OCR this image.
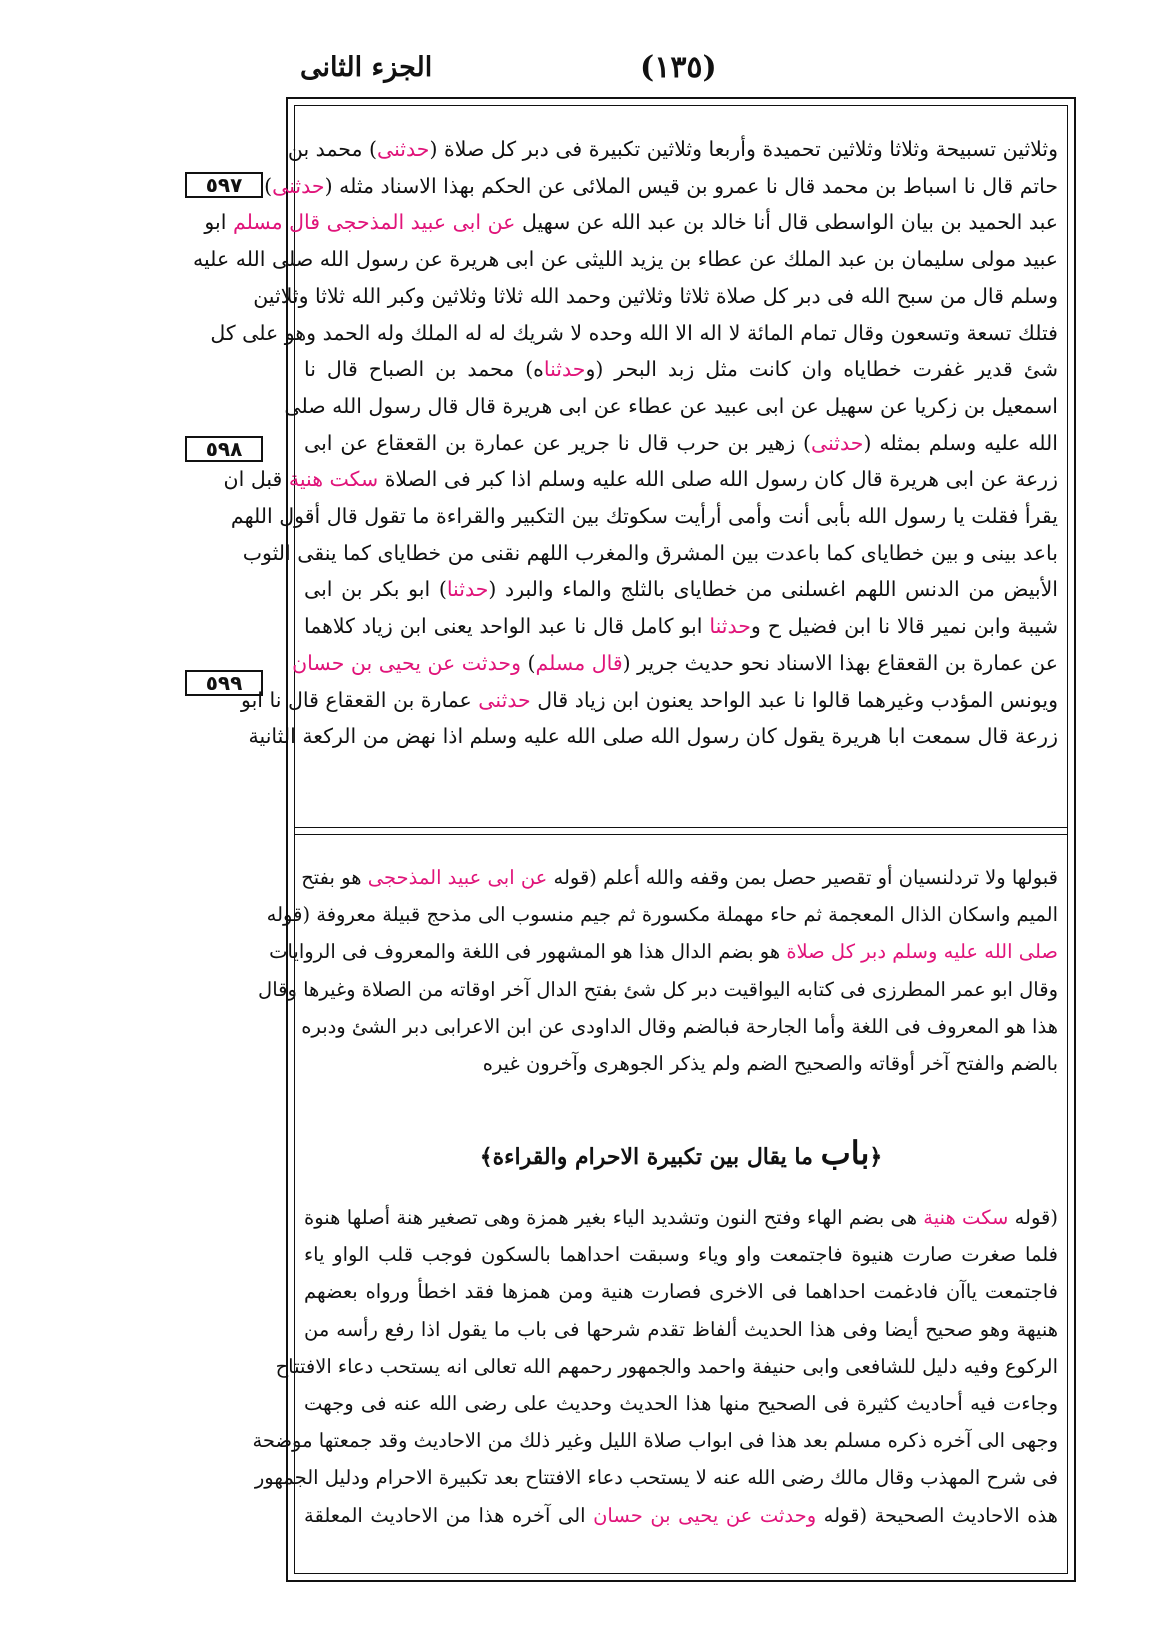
الجزء الثانى	(١٣٥)
٥٩٧
٥٩٨
٥٩٩
وثلاثين تسبيحة وثلاثا وثلاثين تحميدة وأربعا وثلاثين تكبيرة فى دبر كل صلاة (حدثنى) محمد بن
حاتم قال نا اسباط بن محمد قال نا عمرو بن قيس الملائى عن الحكم بهذا الاسناد مثله (حدثنى)
عبد الحميد بن بيان الواسطى قال أنا خالد بن عبد الله عن سهيل عن ابى عبيد المذحجى قال مسلم ابو
عبيد مولى سليمان بن عبد الملك عن عطاء بن يزيد الليثى عن ابى هريرة عن رسول الله صلى الله عليه
وسلم قال من سبح الله فى دبر كل صلاة ثلاثا وثلاثين وحمد الله ثلاثا وثلاثين وكبر الله ثلاثا وثلاثين
فتلك تسعة وتسعون وقال تمام المائة لا اله الا الله وحده لا شريك له له الملك وله الحمد وهو على كل
شئ قدير غفرت خطاياه وان كانت مثل زبد البحر (وحدثناه) محمد بن الصباح قال نا
اسمعيل بن زكريا عن سهيل عن ابى عبيد عن عطاء عن ابى هريرة قال قال رسول الله صلى
الله عليه وسلم بمثله (حدثنى) زهير بن حرب قال نا جرير عن عمارة بن القعقاع عن ابى
زرعة عن ابى هريرة قال كان رسول الله صلى الله عليه وسلم اذا كبر فى الصلاة سكت هنية قبل ان
يقرأ فقلت يا رسول الله بأبى أنت وأمى أرأيت سكوتك بين التكبير والقراءة ما تقول قال أقول اللهم
باعد بينى و بين خطاياى كما باعدت بين المشرق والمغرب اللهم نقنى من خطاياى كما ينقى الثوب
الأبيض من الدنس اللهم اغسلنى من خطاياى بالثلج والماء والبرد (حدثنا) ابو بكر بن ابى
شيبة وابن نمير قالا نا ابن فضيل ح وحدثنا ابو كامل قال نا عبد الواحد يعنى ابن زياد كلاهما
عن عمارة بن القعقاع بهذا الاسناد نحو حديث جرير (قال مسلم) وحدثت عن يحيى بن حسان
ويونس المؤدب وغيرهما قالوا نا عبد الواحد يعنون ابن زياد قال حدثنى عمارة بن القعقاع قال نا ابو
زرعة قال سمعت ابا هريرة يقول كان رسول الله صلى الله عليه وسلم اذا نهض من الركعة الثانية
قبولها ولا تردلنسيان أو تقصير حصل بمن وقفه والله أعلم (قوله عن ابى عبيد المذحجى هو بفتح
الميم واسكان الذال المعجمة ثم حاء مهملة مكسورة ثم جيم منسوب الى مذحج قبيلة معروفة (قوله
صلى الله عليه وسلم دبر كل صلاة هو بضم الدال هذا هو المشهور فى اللغة والمعروف فى الروايات
وقال ابو عمر المطرزى فى كتابه اليواقيت دبر كل شئ بفتح الدال آخر اوقاته من الصلاة وغيرها وقال
هذا هو المعروف فى اللغة وأما الجارحة فبالضم وقال الداودى عن ابن الاعرابى دبر الشئ ودبره
بالضم والفتح آخر أوقاته والصحيح الضم ولم يذكر الجوهرى وآخرون غيره
﴿باب ما يقال بين تكبيرة الاحرام والقراءة﴾
(قوله سكت هنية هى بضم الهاء وفتح النون وتشديد الياء بغير همزة وهى تصغير هنة أصلها هنوة
فلما صغرت صارت هنيوة فاجتمعت واو وياء وسبقت احداهما بالسكون فوجب قلب الواو ياء
فاجتمعت ياآن فادغمت احداهما فى الاخرى فصارت هنية ومن همزها فقد اخطأ ورواه بعضهم
هنيهة وهو صحيح أيضا وفى هذا الحديث ألفاظ تقدم شرحها فى باب ما يقول اذا رفع رأسه من
الركوع وفيه دليل للشافعى وابى حنيفة واحمد والجمهور رحمهم الله تعالى انه يستحب دعاء الافتتاح
وجاءت فيه أحاديث كثيرة فى الصحيح منها هذا الحديث وحديث على رضى الله عنه فى وجهت
وجهى الى آخره ذكره مسلم بعد هذا فى ابواب صلاة الليل وغير ذلك من الاحاديث وقد جمعتها موضحة
فى شرح المهذب وقال مالك رضى الله عنه لا يستحب دعاء الافتتاح بعد تكبيرة الاحرام ودليل الجمهور
هذه الاحاديث الصحيحة (قوله وحدثت عن يحيى بن حسان الى آخره هذا من الاحاديث المعلقة
